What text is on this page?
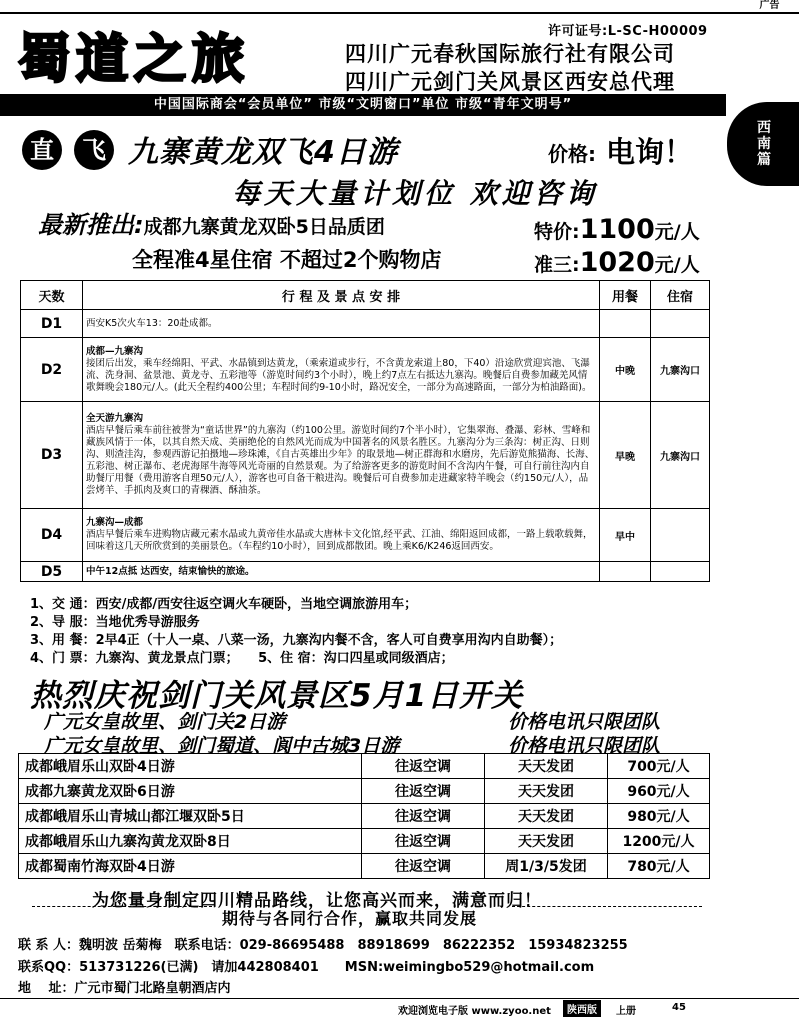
广告
许可证号:L-SC-H00009
蜀道之旅	四川广元春秋国际旅行社有限公司
四川广元剑门关风景区西安总代理
中国国际商会“会员单位” 市级“文明窗口”单位 市级“青年文明号”
西南篇
直	飞 九寨黄龙双飞4日游	价格: 电询！
每天大量计划位 欢迎咨询
最新推出:成都九寨黄龙双卧5日品质团	特价:1100元/人
全程准4星住宿 不超过2个购物店	准三:1020元/人
天数	行 程 及 景 点 安 排	用餐	住宿
D1	西安K5次火车13：20赴成都。		
D2	成都—九寨沟
接团后出发，乘车经绵阳、平武、水晶镇到达黄龙，（乘索道或步行，不含黄龙索道上80，下40）沿途欣赏迎宾池、飞瀑流、洗身洞、盆景池、黄龙寺、五彩池等（游览时间约3个小时），晚上约7点左右抵达九寨沟。晚餐后自费参加藏羌风情歌舞晚会180元/人。(此天全程约400公里；车程时间约9-10小时，路况安全，一部分为高速路面，一部分为柏油路面)。	中晚	九寨沟口
D3	全天游九寨沟
酒店早餐后乘车前往被誉为“童话世界”的九寨沟（约100公里。游览时间约7个半小时），它集翠海、叠瀑、彩林、雪峰和藏族风情于一体，以其自然天成、美丽绝伦的自然风光而成为中国著名的风景名胜区。九寨沟分为三条沟：树正沟、日则沟、则渣洼沟，参观西游记拍摄地—珍珠滩，《自古英雄出少年》的取景地—树正群海和水磨房，先后游览熊猫海、长海、五彩池、树正瀑布、老虎海犀牛海等风光奇丽的自然景观。为了给游客更多的游览时间不含沟内午餐，可自行前往沟内自助餐厅用餐（费用游客自理50元/人），游客也可自备干粮进沟。晚餐后可自费参加走进藏家特羊晚会（约150元/人），品尝烤羊、手抓肉及爽口的青稞酒、酥油茶。	早晚	九寨沟口
D4	九寨沟—成都
酒店早餐后乘车进购物店藏元素水晶或九黄帝佳水晶或大唐林卡文化馆,经平武、江油、绵阳返回成都，一路上载歌载舞，回味着这几天所欣赏到的美丽景色。（车程约10小时），回到成都散团。晚上乘K6/K246返回西安。	早中	
D5	中午12点抵 达西安，结束愉快的旅途。		
1、交 通：西安/成都/西安往返空调火车硬卧，当地空调旅游用车；
2、导 服：当地优秀导游服务
3、用 餐：2早4正（十人一桌、八菜一汤，九寨沟内餐不含，客人可自费享用沟内自助餐）；
4、门 票：九寨沟、黄龙景点门票；　　5、住 宿：沟口四星或同级酒店；
热烈庆祝剑门关风景区5月1日开关
广元女皇故里、剑门关2日游	价格电讯只限团队
广元女皇故里、剑门蜀道、阆中古城3日游	价格电讯只限团队
成都峨眉乐山双卧4日游	往返空调	天天发团	700元/人
成都九寨黄龙双卧6日游	往返空调	天天发团	960元/人
成都峨眉乐山青城山都江堰双卧5日	往返空调	天天发团	980元/人
成都峨眉乐山九寨沟黄龙双卧8日	往返空调	天天发团	1200元/人
成都蜀南竹海双卧4日游	往返空调	周1/3/5发团	780元/人
为您量身制定四川精品路线，让您高兴而来，满意而归！
期待与各同行合作，赢取共同发展
联 系 人：魏明波 岳菊梅　联系电话：029-86695488　88918699　86222352　15934823255
联系QQ：513731226(已满)　请加442808401　　MSN:weimingbo529@hotmail.com
地　 址：广元市蜀门北路皇朝酒店内
欢迎浏览电子版 www.zyoo.net	陕西版	上册	45
